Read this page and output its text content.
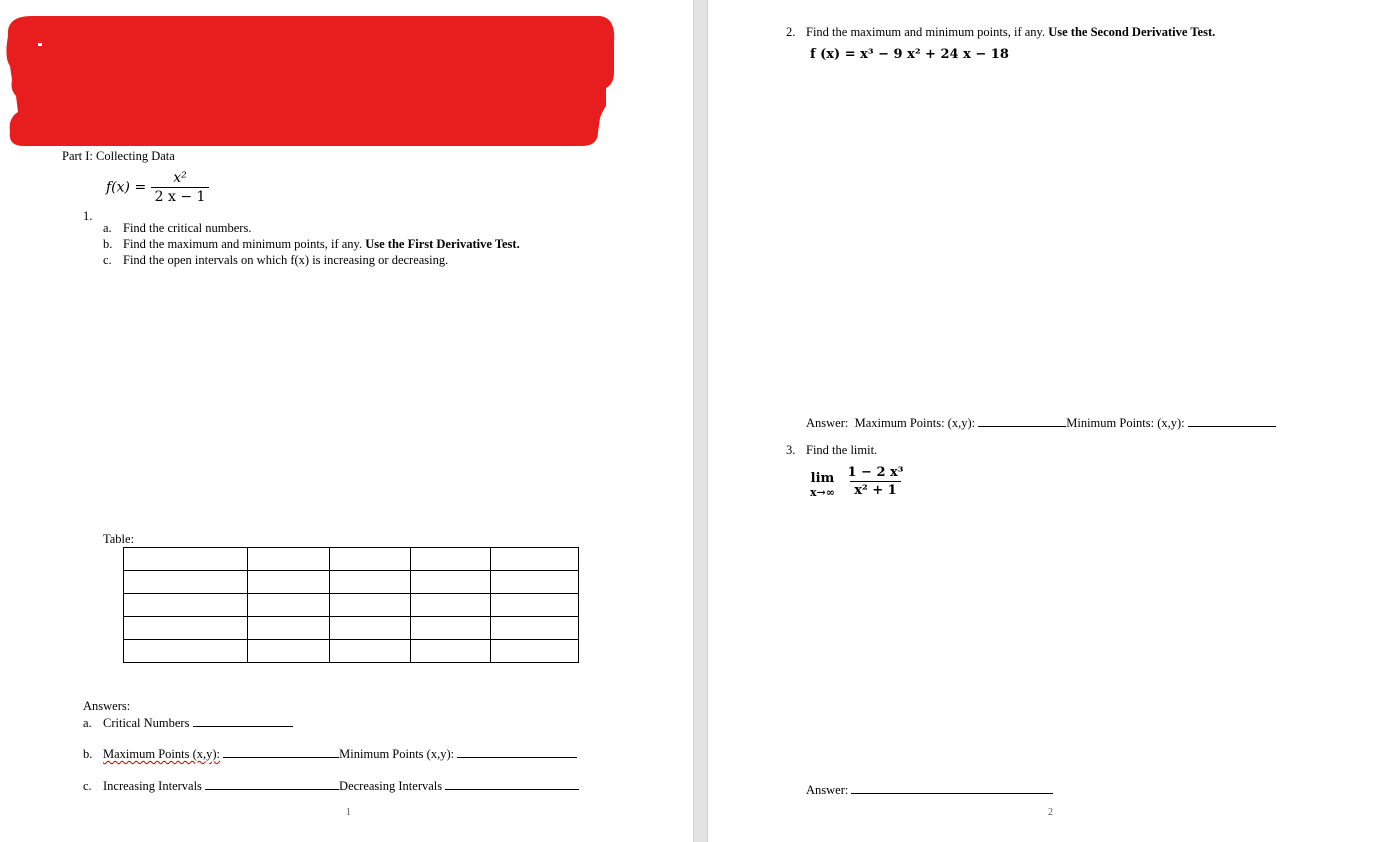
Part I: Collecting Data
$f(x) = \frac{\text{x²}}{2 x - 1}$
1.
a. Find the critical numbers.
b. Find the maximum and minimum points, if any. Use the First Derivative Test.
c. Find the open intervals on which f(x) is increasing or decreasing.
Table:

Answers:
a. Critical Numbers
b. Maximum Points (x,y):	Minimum Points (x,y):
c. Increasing Intervals	Decreasing Intervals
1
2. Find the maximum and minimum points, if any. Use the Second Derivative Test.
f (x) = x³ − 9 x² + 24 x − 18
Answer: Maximum Points: (x,y):	Minimum Points: (x,y):
3. Find the limit.
lim
x→∞
$\frac{\text{1 − 2 x³}}{\text{x² + 1}}$
Answer:
2
